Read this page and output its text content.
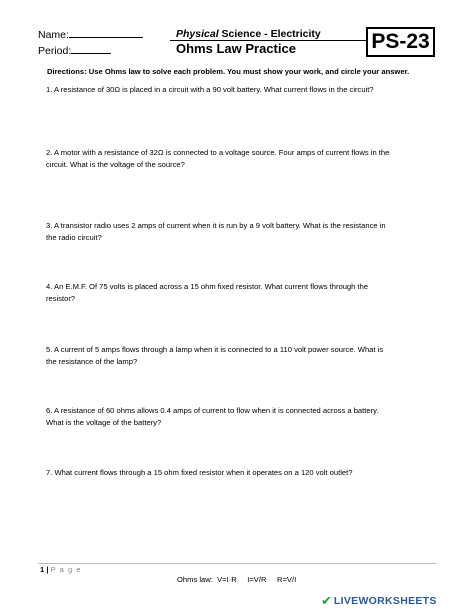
Name:
Period:
Physical Science - Electricity
Ohms Law Practice	PS-23
Directions: Use Ohms law to solve each problem. You must show your work, and circle your answer.
1. A resistance of 30Ω is placed in a circuit with a 90 volt battery. What current flows in the circuit?
2. A motor with a resistance of 32Ω is connected to a voltage source. Four amps of current flows in the
circuit. What is the voltage of the source?
3. A transistor radio uses 2 amps of current when it is run by a 9 volt battery. What is the resistance in
the radio circuit?
4. An E.M.F. Of 75 volts is placed across a 15 ohm fixed resistor. What current flows through the
resistor?
5. A current of 5 amps flows through a lamp when it is connected to a 110 volt power source. What is
the resistance of the lamp?
6. A resistance of 60 ohms allows 0.4 amps of current to flow when it is connected across a battery.
What is the voltage of the battery?
7. What current flows through a 15 ohm fixed resistor when it operates on a 120 volt outlet?
1 | P a g e
Ohms law:  V=I·R     I=V/R     R=V/I
✔ LIVEWORKSHEETS
